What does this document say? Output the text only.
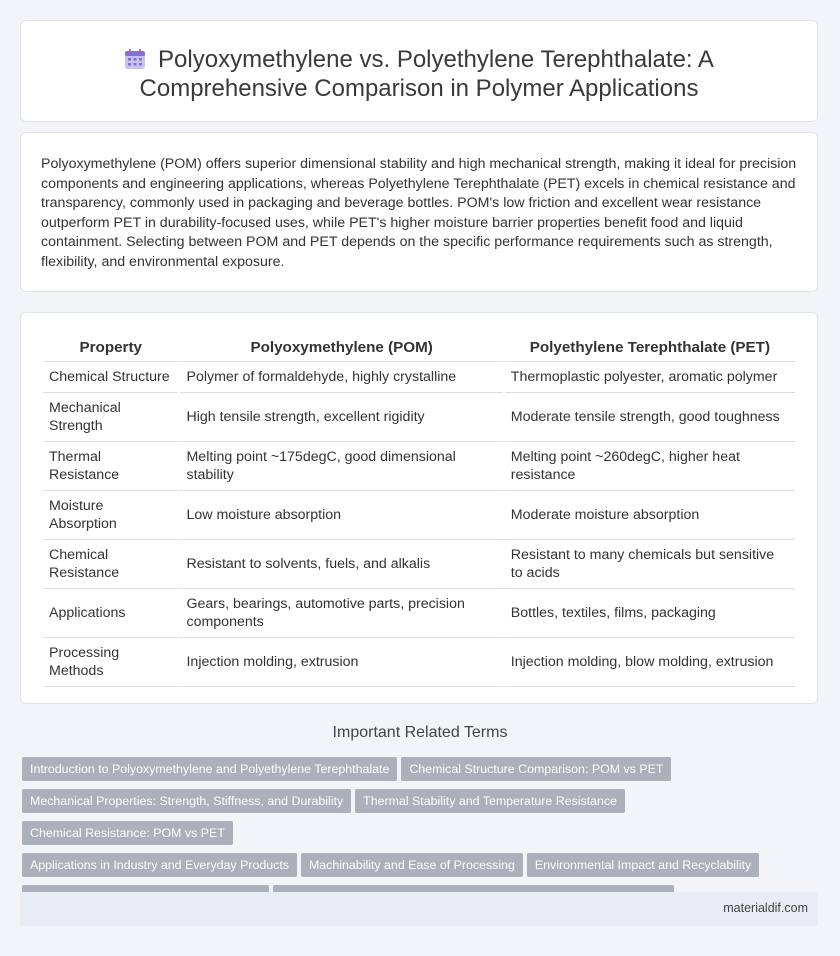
Polyoxymethylene vs. Polyethylene Terephthalate: A Comprehensive Comparison in Polymer Applications
Polyoxymethylene (POM) offers superior dimensional stability and high mechanical strength, making it ideal for precision components and engineering applications, whereas Polyethylene Terephthalate (PET) excels in chemical resistance and transparency, commonly used in packaging and beverage bottles. POM's low friction and excellent wear resistance outperform PET in durability-focused uses, while PET's higher moisture barrier properties benefit food and liquid containment. Selecting between POM and PET depends on the specific performance requirements such as strength, flexibility, and environmental exposure.
Property	Polyoxymethylene (POM)	Polyethylene Terephthalate (PET)
Chemical Structure	Polymer of formaldehyde, highly crystalline	Thermoplastic polyester, aromatic polymer
Mechanical Strength	High tensile strength, excellent rigidity	Moderate tensile strength, good toughness
Thermal Resistance	Melting point ~175degC, good dimensional stability	Melting point ~260degC, higher heat resistance
Moisture Absorption	Low moisture absorption	Moderate moisture absorption
Chemical Resistance	Resistant to solvents, fuels, and alkalis	Resistant to many chemicals but sensitive to acids
Applications	Gears, bearings, automotive parts, precision components	Bottles, textiles, films, packaging
Processing Methods	Injection molding, extrusion	Injection molding, blow molding, extrusion
Important Related Terms
Introduction to Polyoxymethylene and Polyethylene Terephthalate Chemical Structure Comparison: POM vs PET
Mechanical Properties: Strength, Stiffness, and Durability Thermal Stability and Temperature ResistanceChemical Resistance: POM vs PET
Applications in Industry and Everyday Products Machinability and Ease of Processing Environmental Impact and Recyclability

materialdif.com
